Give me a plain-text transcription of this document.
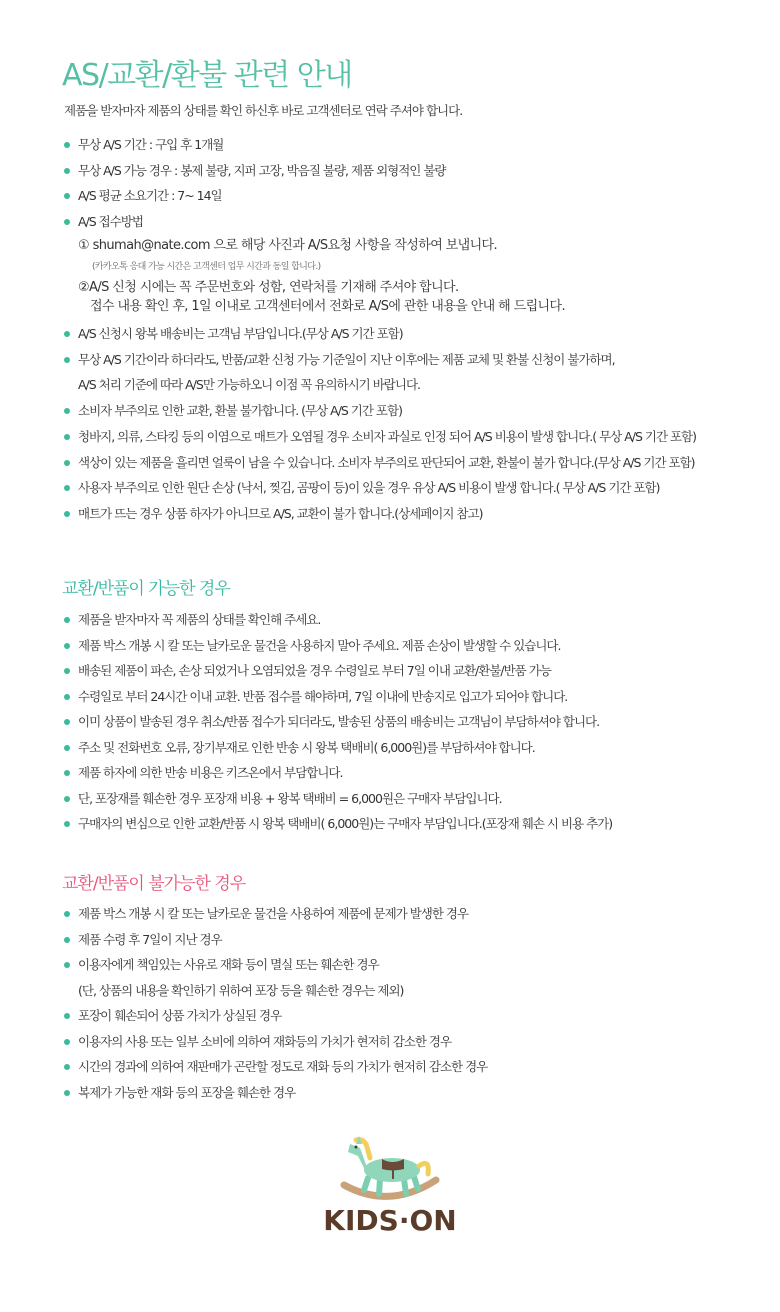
AS/교환/환불 관련 안내
제품을 받자마자 제품의 상태를 확인 하신후 바로 고객센터로 연락 주셔야 합니다.
무상 A/S 기간 : 구입 후 1개월
무상 A/S 가능 경우 : 봉제 불량, 지퍼 고장, 박음질 불량, 제품 외형적인 불량
A/S 평균 소요기간 : 7~ 14일
A/S 접수방법
① shumah@nate.com 으로 해당 사진과 A/S요청 사항을 작성하여 보냅니다.
(카카오톡 응대 가능 시간은 고객센터 업무 시간과 동일 합니다.)
②A/S 신청 시에는 꼭 주문번호와 성함, 연락처를 기재해 주셔야 합니다.
접수 내용 확인 후, 1일 이내로 고객센터에서 전화로 A/S에 관한 내용을 안내 해 드립니다.
A/S 신청시 왕복 배송비는 고객님 부담입니다.(무상 A/S 기간 포함)
무상 A/S 기간이라 하더라도, 반품/교환 신청 가능 기준일이 지난 이후에는 제품 교체 및 환불 신청이 불가하며,
A/S 처리 기준에 따라 A/S만 가능하오니 이점 꼭 유의하시기 바랍니다.
소비자 부주의로 인한 교환, 환불 불가합니다. (무상 A/S 기간 포함)
청바지, 의류, 스타킹 등의 이염으로 매트가 오염될 경우 소비자 과실로 인정 되어 A/S 비용이 발생 합니다.( 무상 A/S 기간 포함)
색상이 있는 제품을 흘리면 얼룩이 남을 수 있습니다. 소비자 부주의로 판단되어 교환, 환불이 불가 합니다.(무상 A/S 기간 포함)
사용자 부주의로 인한 원단 손상 (낙서, 찢김, 곰팡이 등)이 있을 경우 유상 A/S 비용이 발생 합니다.( 무상 A/S 기간 포함)
매트가 뜨는 경우 상품 하자가 아니므로 A/S, 교환이 불가 합니다.(상세페이지 참고)
교환/반품이 가능한 경우
제품을 받자마자 꼭 제품의 상태를 확인해 주세요.
제품 박스 개봉 시 칼 또는 날카로운 물건을 사용하지 말아 주세요. 제품 손상이 발생할 수 있습니다.
배송된 제품이 파손, 손상 되었거나 오염되었을 경우 수령일로 부터 7일 이내 교환/환불/반품 가능
수령일로 부터 24시간 이내 교환. 반품 접수를 해야하며, 7일 이내에 반송지로 입고가 되어야 합니다.
이미 상품이 발송된 경우 취소/반품 접수가 되더라도, 발송된 상품의 배송비는 고객님이 부담하셔야 합니다.
주소 및 전화번호 오류, 장기부재로 인한 반송 시 왕복 택배비( 6,000원)를 부담하셔야 합니다.
제품 하자에 의한 반송 비용은 키즈온에서 부담합니다.
단, 포장재를 훼손한 경우 포장재 비용 + 왕복 택배비 = 6,000원은 구매자 부담입니다.
구매자의 변심으로 인한 교환/반품 시 왕복 택배비( 6,000원)는 구매자 부담입니다.(포장재 훼손 시 비용 추가)
교환/반품이 불가능한 경우
제품 박스 개봉 시 칼 또는 날카로운 물건을 사용하여 제품에 문제가 발생한 경우
제품 수령 후 7일이 지난 경우
이용자에게 책임있는 사유로 재화 등이 멸실 또는 훼손한 경우
(단, 상품의 내용을 확인하기 위하여 포장 등을 훼손한 경우는 제외)
포장이 훼손되어 상품 가치가 상실된 경우
이용자의 사용 또는 일부 소비에 의하여 재화등의 가치가 현저히 감소한 경우
시간의 경과에 의하여 재판매가 곤란할 정도로 재화 등의 가치가 현저히 감소한 경우
복제가 가능한 재화 등의 포장을 훼손한 경우
KIDS·ON
